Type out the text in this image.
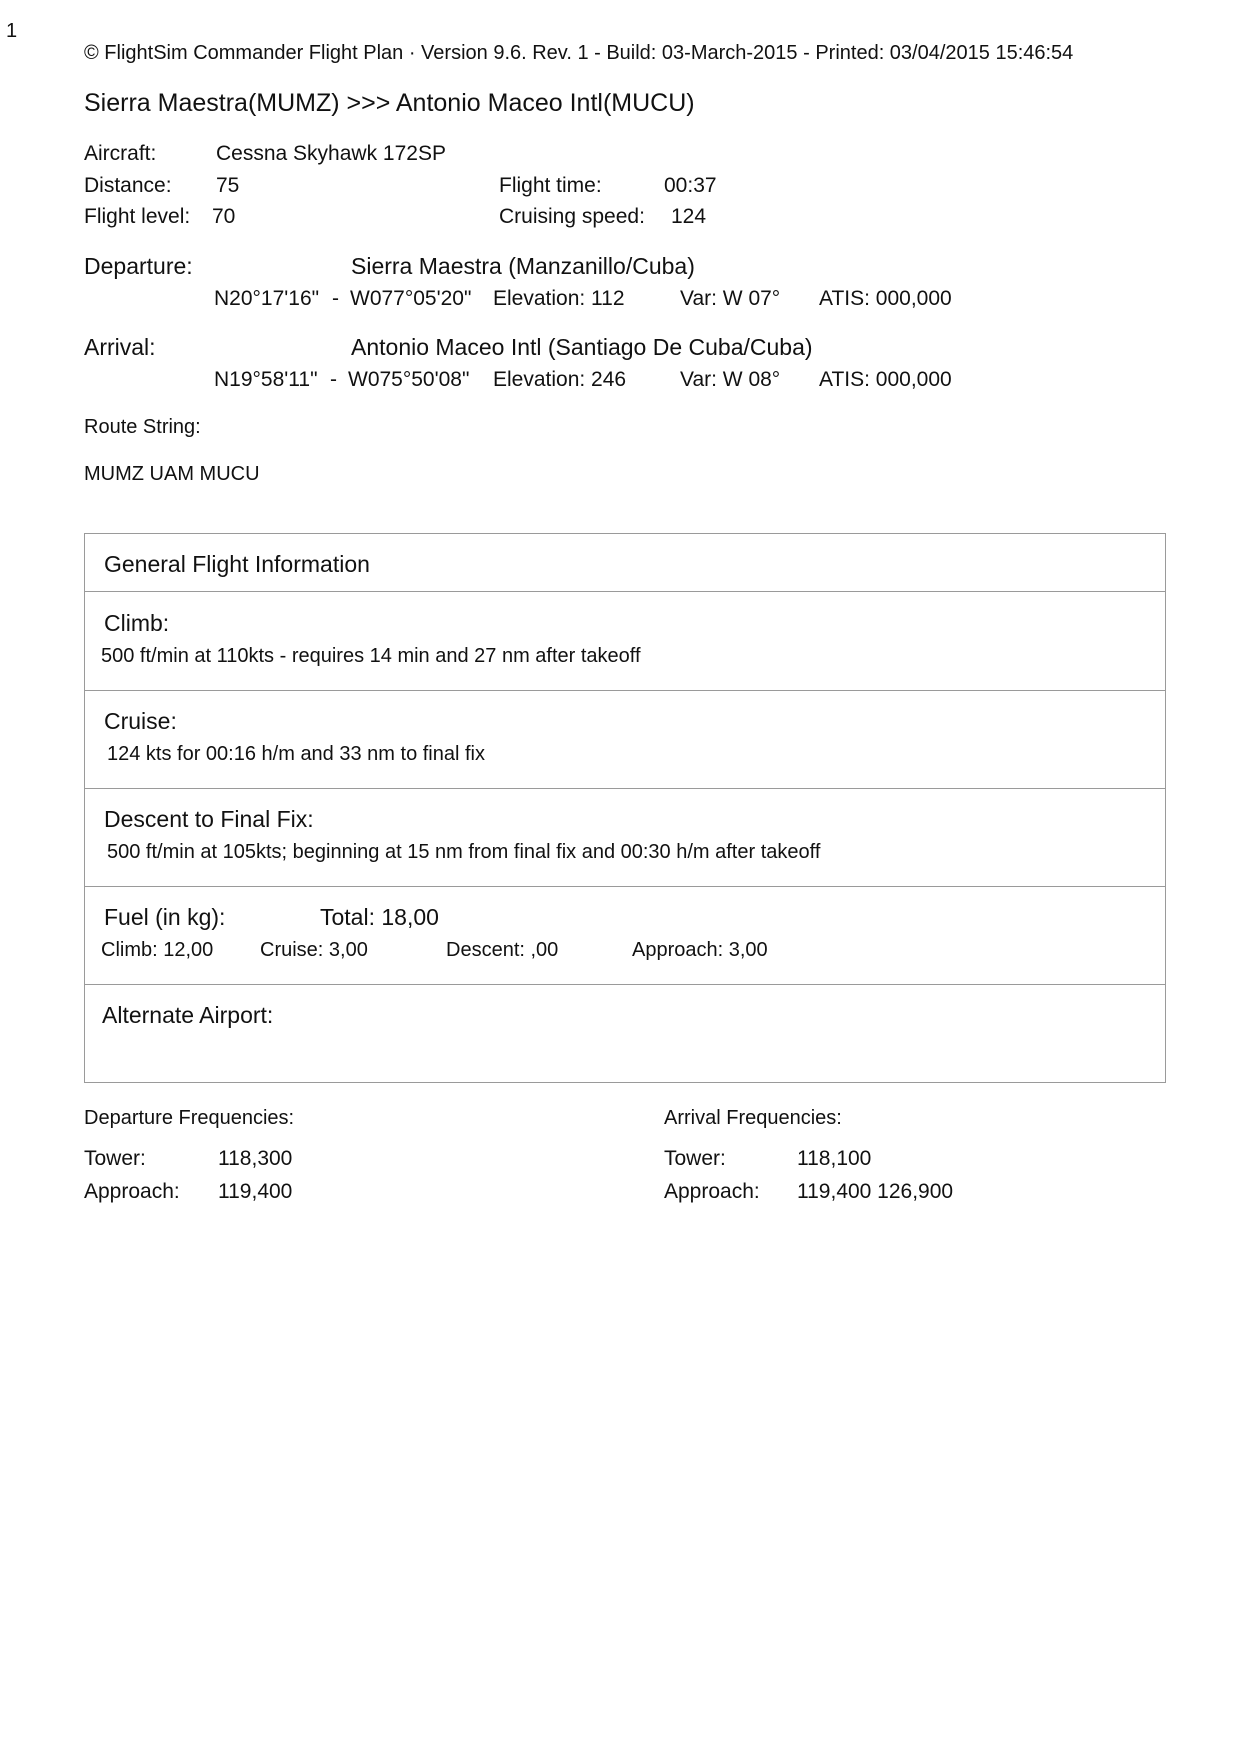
1
© FlightSim Commander Flight Plan · Version 9.6. Rev. 1 - Build: 03-March-2015 - Printed: 03/04/2015 15:46:54
Sierra Maestra(MUMZ) >>> Antonio Maceo Intl(MUCU)
Aircraft:	Cessna Skyhawk 172SP
Distance: 75	Flight time:	00:37
Flight level: 70	Cruising speed: 124
Departure:	Sierra Maestra (Manzanillo/Cuba)
N20°17'16" - W077°05'20" Elevation: 112	Var: W 07° ATIS: 000,000
Arrival:	Antonio Maceo Intl (Santiago De Cuba/Cuba)
N19°58'11" - W075°50'08" Elevation: 246	Var: W 08° ATIS: 000,000
Route String:
MUMZ UAM MUCU
General Flight Information
Climb:
500 ft/min at 110kts - requires 14 min and 27 nm after takeoff
Cruise:
124 kts for 00:16 h/m and 33 nm to final fix
Descent to Final Fix:
500 ft/min at 105kts; beginning at 15 nm from final fix and 00:30 h/m after takeoff
Fuel (in kg):	Total: 18,00
Climb: 12,00 Cruise: 3,00	Descent: ,00	Approach: 3,00
Alternate Airport:
Departure Frequencies:
Tower:	118,300
Approach: 119,400
Arrival Frequencies:
Tower:	118,100
Approach: 119,400 126,900
